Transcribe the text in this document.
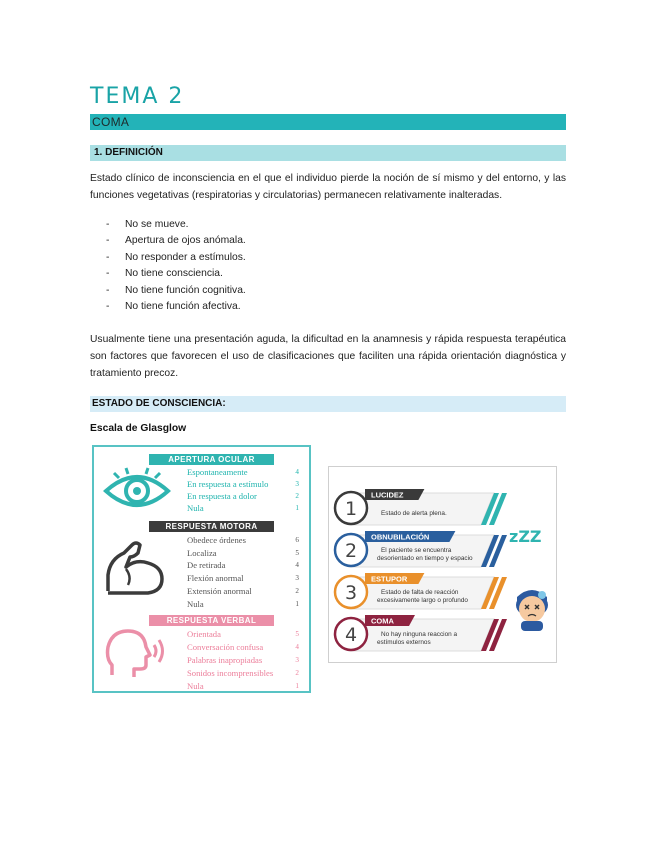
TEMA 2
COMA
1. DEFINICIÓN
Estado clínico de inconsciencia en el que el individuo pierde la noción de sí mismo y del entorno, y las funciones vegetativas (respiratorias y circulatorias) permanecen relativamente inalteradas.
- No se mueve.
- Apertura de ojos anómala.
- No responder a estímulos.
- No tiene consciencia.
- No tiene función cognitiva.
- No tiene función afectiva.
Usualmente tiene una presentación aguda, la dificultad en la anamnesis y rápida respuesta terapéutica son factores que favorecen el uso de clasificaciones que faciliten una rápida orientación diagnóstica y tratamiento precoz.
ESTADO DE CONSCIENCIA:
Escala de Glasglow
APERTURA OCULAR
RESPUESTA MOTORA
RESPUESTA VERBAL
Espontaneamente	4
En respuesta a estímulo	3
En respuesta a dolor	2
Nula	1
Obedece órdenes	6
Localiza	5
De retirada	4
Flexión anormal	3
Extensión anormal	2
Nula	1
Orientada	5
Conversación confusa	4
Palabras inapropiadas	3
Sonidos incomprensibles	2
Nula	1
1
LUCIDEZ
Estado de alerta plena.
2
OBNUBILACIÓN
El paciente se encuentra
desorientado en tiempo y espacio
3
ESTUPOR
Estado de falta de reacción
excesivamente largo o profundo
4
COMA
No hay ninguna reaccion a
estímulos externos
zZZ
